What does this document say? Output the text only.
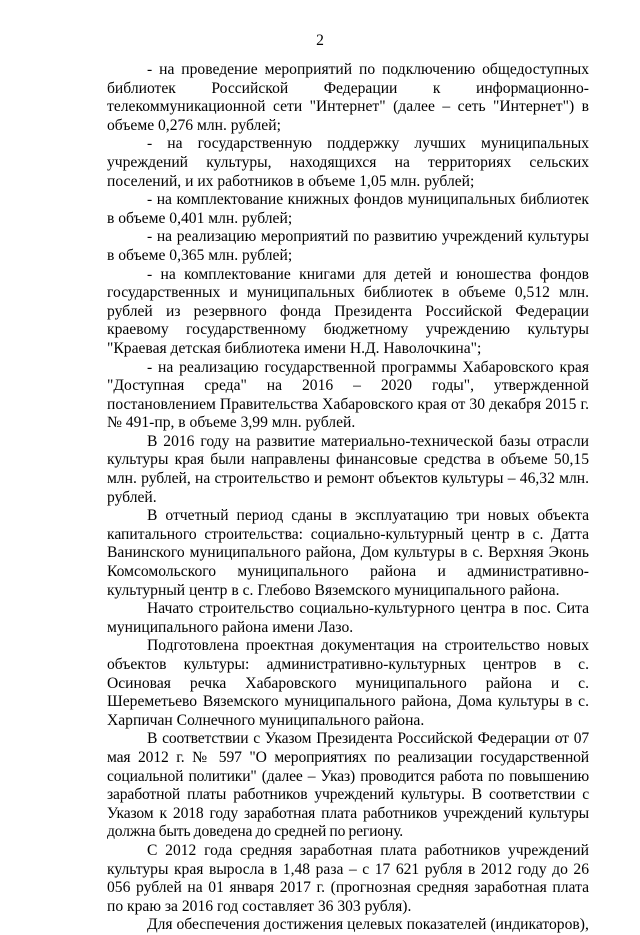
2

- на проведение мероприятий по подключению общедоступных библиотек Российской Федерации к информационно-телекоммуникационной сети "Интернет" (далее – сеть "Интернет") в объеме 0,276 млн. рублей;

- на государственную поддержку лучших муниципальных учреждений культуры, находящихся на территориях сельских поселений, и их работников в объеме 1,05 млн. рублей;

- на комплектование книжных фондов муниципальных библиотек в объеме 0,401 млн. рублей;

- на реализацию мероприятий по развитию учреждений культуры в объеме 0,365 млн. рублей;

- на комплектование книгами для детей и юношества фондов государственных и муниципальных библиотек в объеме 0,512 млн. рублей из резервного фонда Президента Российской Федерации краевому государственному бюджетному учреждению культуры "Краевая детская библиотека имени Н.Д. Наволочкина";

- на реализацию государственной программы Хабаровского края "Доступная среда" на 2016 – 2020 годы", утвержденной постановлением Правительства Хабаровского края от 30 декабря 2015 г. № 491-пр, в объеме 3,99 млн. рублей.

В 2016 году на развитие материально-технической базы отрасли культуры края были направлены финансовые средства в объеме 50,15 млн. рублей, на строительство и ремонт объектов культуры – 46,32 млн. рублей.

В отчетный период сданы в эксплуатацию три новых объекта капитального строительства: социально-культурный центр в с. Датта Ванинского муниципального района, Дом культуры в с. Верхняя Эконь Комсомольского муниципального района и административно-культурный центр в с. Глебово Вяземского муниципального района.

Начато строительство социально-культурного центра в пос. Сита муниципального района имени Лазо.

Подготовлена проектная документация на строительство новых объектов культуры: административно-культурных центров в с. Осиновая речка Хабаровского муниципального района и с. Шереметьево Вяземского муниципального района, Дома культуры в с. Харпичан Солнечного муниципального района.

В соответствии с Указом Президента Российской Федерации от 07 мая 2012 г. № 597 "О мероприятиях по реализации государственной социальной политики" (далее – Указ) проводится работа по повышению заработной платы работников учреждений культуры. В соответствии с Указом к 2018 году заработная плата работников учреждений культуры должна быть доведена до средней по региону.

С 2012 года средняя заработная плата работников учреждений культуры края выросла в 1,48 раза – с 17 621 рубля в 2012 году до 26 056 рублей на 01 января 2017 г. (прогнозная средняя заработная плата по краю за 2016 год составляет 36 303 рубля).

Для обеспечения достижения целевых показателей (индикаторов),
